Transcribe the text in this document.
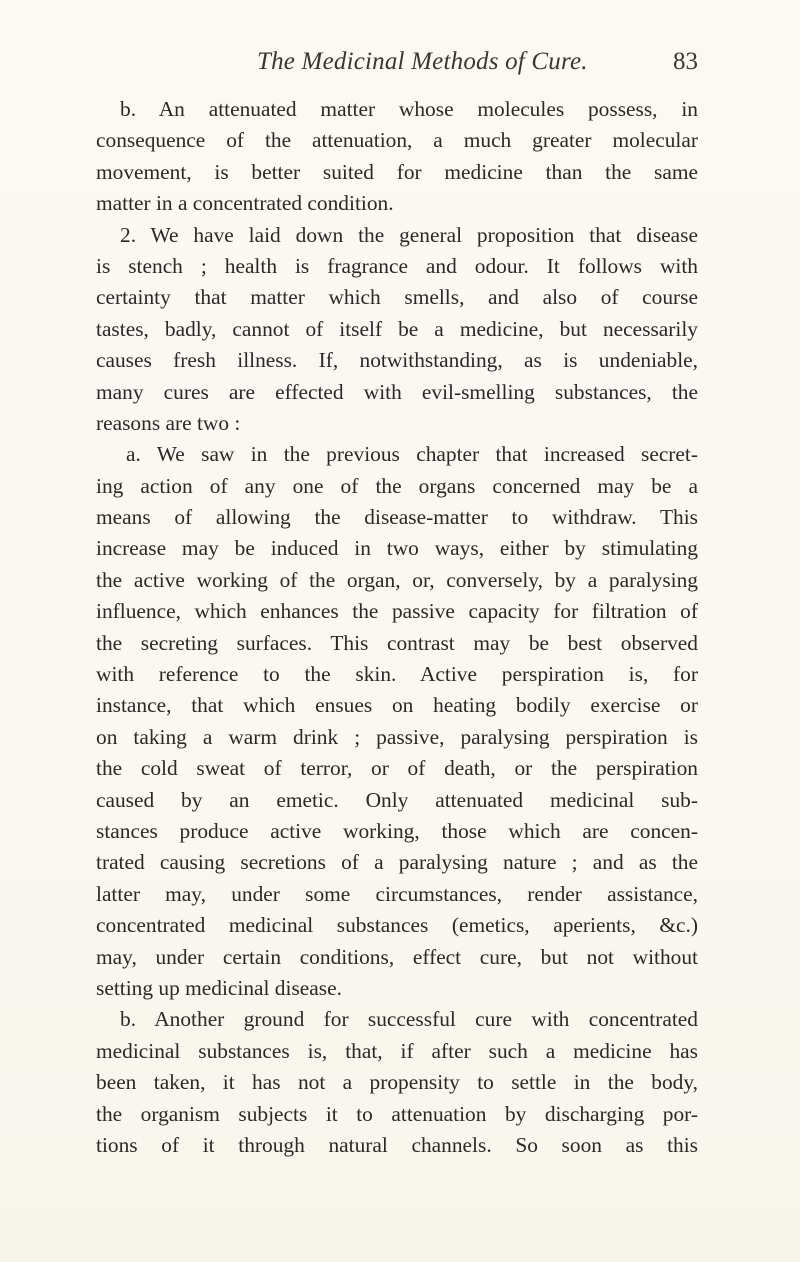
The Medicinal Methods of Cure.	83
b. An attenuated matter whose molecules possess, in
consequence of the attenuation, a much greater molecular
movement, is better suited for medicine than the same
matter in a concentrated condition.
2. We have laid down the general proposition that disease
is stench ; health is fragrance and odour. It follows with
certainty that matter which smells, and also of course
tastes, badly, cannot of itself be a medicine, but necessarily
causes fresh illness. If, notwithstanding, as is undeniable,
many cures are effected with evil-smelling substances, the
reasons are two :
a. We saw in the previous chapter that increased secret-
ing action of any one of the organs concerned may be a
means of allowing the disease-matter to withdraw. This
increase may be induced in two ways, either by stimulating
the active working of the organ, or, conversely, by a paralysing
influence, which enhances the passive capacity for filtration of
the secreting surfaces. This contrast may be best observed
with reference to the skin. Active perspiration is, for
instance, that which ensues on heating bodily exercise or
on taking a warm drink ; passive, paralysing perspiration is
the cold sweat of terror, or of death, or the perspiration
caused by an emetic. Only attenuated medicinal sub-
stances produce active working, those which are concen-
trated causing secretions of a paralysing nature ; and as the
latter may, under some circumstances, render assistance,
concentrated medicinal substances (emetics, aperients, &c.)
may, under certain conditions, effect cure, but not without
setting up medicinal disease.
b. Another ground for successful cure with concentrated
medicinal substances is, that, if after such a medicine has
been taken, it has not a propensity to settle in the body,
the organism subjects it to attenuation by discharging por-
tions of it through natural channels. So soon as this
